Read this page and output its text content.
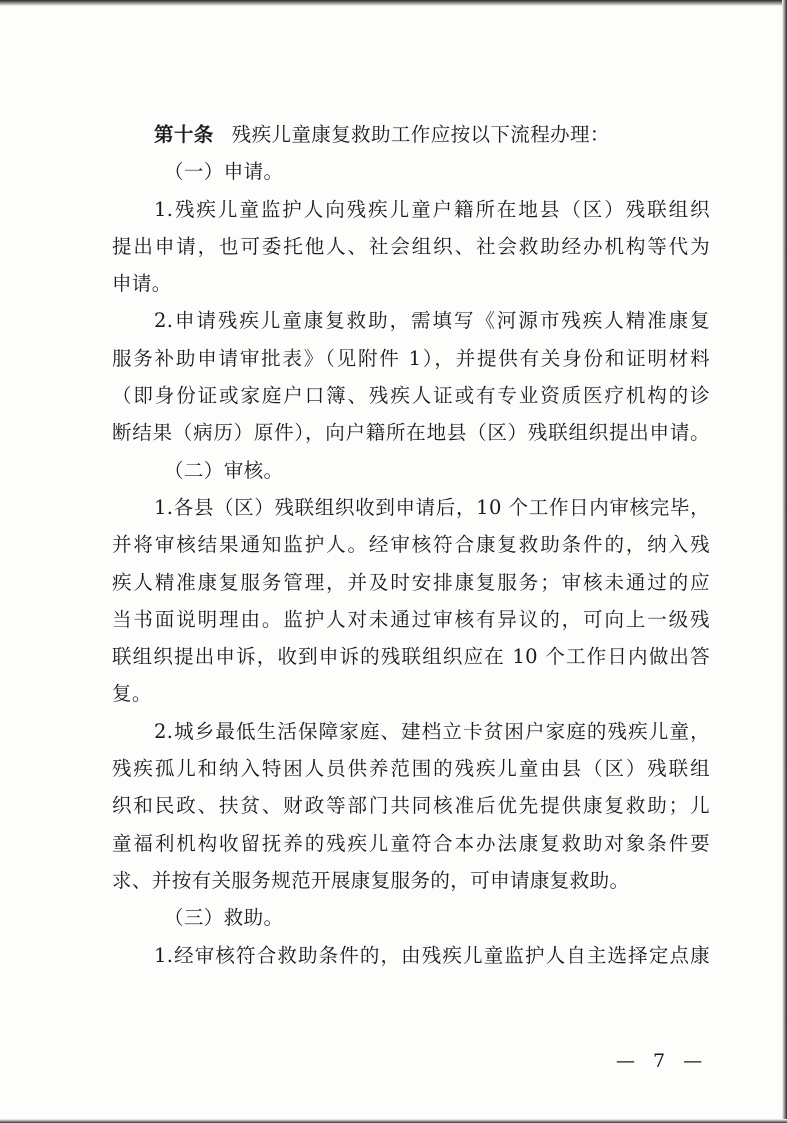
第十条 残疾儿童康复救助工作应按以下流程办理：
（一）申请。
1.残疾儿童监护人向残疾儿童户籍所在地县（区）残联组织
提出申请，也可委托他人、社会组织、社会救助经办机构等代为
申请。
2.申请残疾儿童康复救助，需填写《河源市残疾人精准康复
服务补助申请审批表》（见附件 1），并提供有关身份和证明材料
（即身份证或家庭户口簿、残疾人证或有专业资质医疗机构的诊
断结果（病历）原件），向户籍所在地县（区）残联组织提出申请。
（二）审核。
1.各县（区）残联组织收到申请后，10 个工作日内审核完毕，
并将审核结果通知监护人。经审核符合康复救助条件的，纳入残
疾人精准康复服务管理，并及时安排康复服务；审核未通过的应
当书面说明理由。监护人对未通过审核有异议的，可向上一级残
联组织提出申诉，收到申诉的残联组织应在 10 个工作日内做出答
复。
2.城乡最低生活保障家庭、建档立卡贫困户家庭的残疾儿童，
残疾孤儿和纳入特困人员供养范围的残疾儿童由县（区）残联组
织和民政、扶贫、财政等部门共同核准后优先提供康复救助；儿
童福利机构收留抚养的残疾儿童符合本办法康复救助对象条件要
求、并按有关服务规范开展康复服务的，可申请康复救助。
（三）救助。
1.经审核符合救助条件的，由残疾儿童监护人自主选择定点康
— 7 —
